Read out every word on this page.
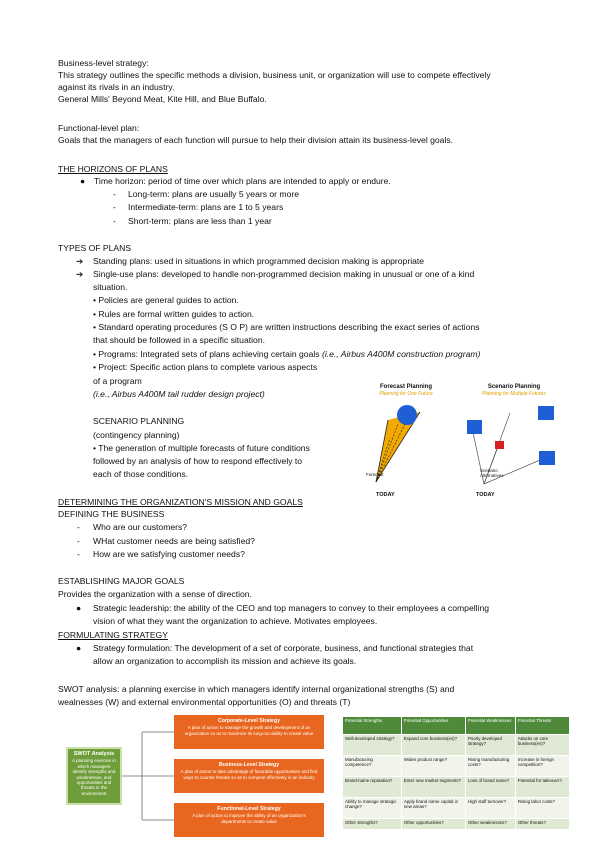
Business-level strategy:
This strategy outlines the specific methods a division, business unit, or organization will use to compete effectively
against its rivals in an industry.
General Mills' Beyond Meat, Kite Hill, and Blue Buffalo.
Functional-level plan:
Goals that the managers of each function will pursue to help their division attain its business-level goals.
THE HORIZONS OF PLANS
● Time horizon: period of time over which plans are intended to apply or endure.
- Long-term: plans are usually 5 years or more
- Intermediate-term: plans are 1 to 5 years
- Short-term: plans are less than 1 year
TYPES OF PLANS
➔ Standing plans: used in situations in which programmed decision making is appropriate
➔ Single-use plans: developed to handle non-programmed decision making in unusual or one of a kind
situation.
• Policies are general guides to action.
• Rules are formal written guides to action.
• Standard operating procedures (S O P) are written instructions describing the exact series of actions
that should be followed in a specific situation.
• Programs: Integrated sets of plans achieving certain goals (i.e., Airbus A400M construction program)
• Project: Specific action plans to complete various aspects
of a program
(i.e., Airbus A400M tail rudder design project)
SCENARIO PLANNING
(contingency planning)
• The generation of multiple forecasts of future conditions
followed by an analysis of how to respond effectively to
each of those conditions.
Forecast Planning
Planning for One Future
Scenario Planning
Planning for Multiple Futures
Forecast
Scenario Alternatives
TODAY	TODAY
DETERMINING THE ORGANIZATION'S MISSION AND GOALS
DEFINING THE BUSINESS
- Who are our customers?
- WHat customer needs are being satisfied?
- How are we satisfying customer needs?
ESTABLISHING MAJOR GOALS
Provides the organization with a sense of direction.
● Strategic leadership: the ability of the CEO and top managers to convey to their employees a compelling
vision of what they want the organization to achieve. Motivates employees.
FORMULATING STRATEGY
● Strategy formulation: The development of a set of corporate, business, and functional strategies that
allow an organization to accomplish its mission and achieve its goals.
SWOT analysis: a planning exercise in which managers identify internal organizational strengths (S) and
wealnesses (W) and external environmental opportunities (O) and threats (T)
SWOT Analysis
A planning exercise in which managers identify strengths and weaknesses, and opportunities and threats in the environment
Corporate-Level Strategy
A plan of action to manage the growth and development of an organization so as to maximize its long-run ability to create value
Business-Level Strategy
A plan of action to take advantage of favorable opportunities and find ways to counter threats so as to compete effectively in an industry
Functional-Level Strategy
A plan of action to improve the ability of an organization's departments to create value
Potential Strengths	Potential Opportunities	Potential Weaknesses	Potential Threats
Well-developed strategy?	Expand core business(es)?	Poorly developed strategy?	Attacks on core business(es)?
Manufacturing competence?	Widen product range?	Rising manufacturing costs?	Increase in foreign competition?
Brand-name reputation?	Enter new market segments?	Loss of brand name?	Potential for takeover?
Ability to manage strategic change?	Apply brand name capital in new areas?	High staff turnover?	Rising labor costs?
Other strengths?	Other opportunities?	Other weaknesses?	Other threats?
